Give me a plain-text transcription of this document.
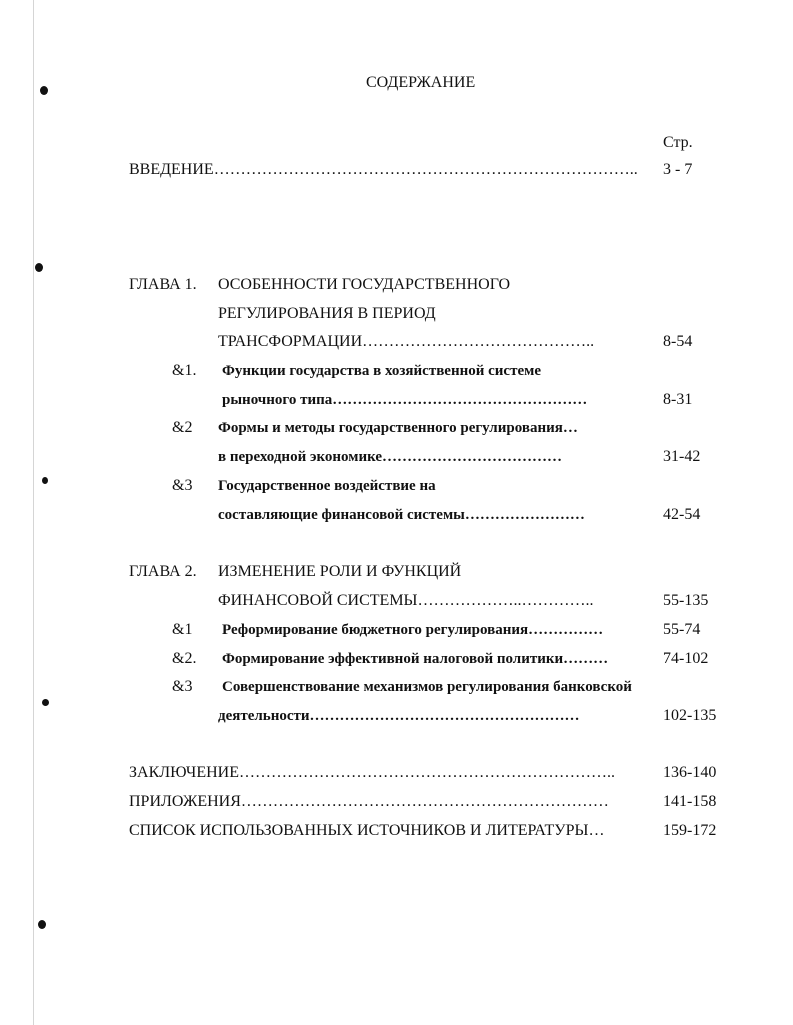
СОДЕРЖАНИЕ
Стр.
ВВЕДЕНИЕ……………………………………………………………………..	3 - 7
ГЛАВА 1. ОСОБЕННОСТИ ГОСУДАРСТВЕННОГО
РЕГУЛИРОВАНИЯ В ПЕРИОД
ТРАНСФОРМАЦИИ……………………………………..	8-54
&1. Функции государства в хозяйственной системе
рыночного типа……………………………………………	8-31
&2 Формы и методы государственного регулирования…
в переходной экономике………………………………	31-42
&3 Государственное воздействие на
составляющие финансовой системы……………………	42-54
ГЛАВА 2. ИЗМЕНЕНИЕ РОЛИ И ФУНКЦИЙ
ФИНАНСОВОЙ СИСТЕМЫ………………..…………..	55-135
&1 Реформирование бюджетного регулирования……………	55-74
&2. Формирование эффективной налоговой политики………	74-102
&3 Совершенствование механизмов регулирования банковской
деятельности………………………………………………	102-135
ЗАКЛЮЧЕНИЕ……………………………………………………………..	136-140
ПРИЛОЖЕНИЯ……………………………………………………………	141-158
СПИСОК ИСПОЛЬЗОВАННЫХ ИСТОЧНИКОВ И ЛИТЕРАТУРЫ…	159-172
